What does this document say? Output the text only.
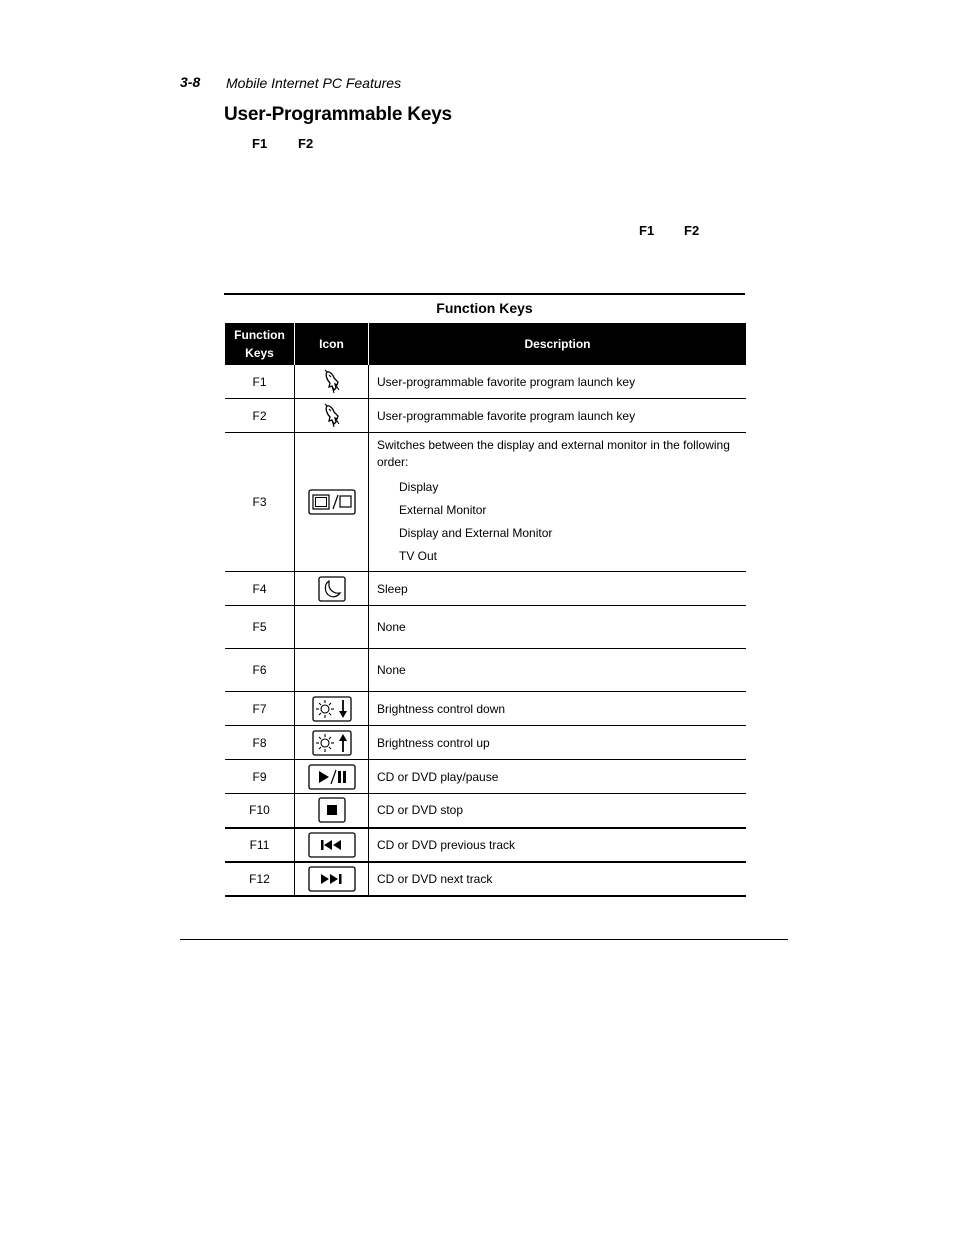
3-8 Mobile Internet PC Features
User-Programmable Keys
F1 F2
F1 F2
Function Keys
Function Keys	Icon	Description
F1		User-programmable favorite program launch key
F2		User-programmable favorite program launch key
F3		Switches between the display and external monitor in the following order:
Display
External Monitor
Display and External Monitor
TV Out

F4		Sleep
F5		None
F6		None
F7		Brightness control down
F8		Brightness control up
F9		CD or DVD play/pause
F10		CD or DVD stop
F11		CD or DVD previous track
F12		CD or DVD next track
